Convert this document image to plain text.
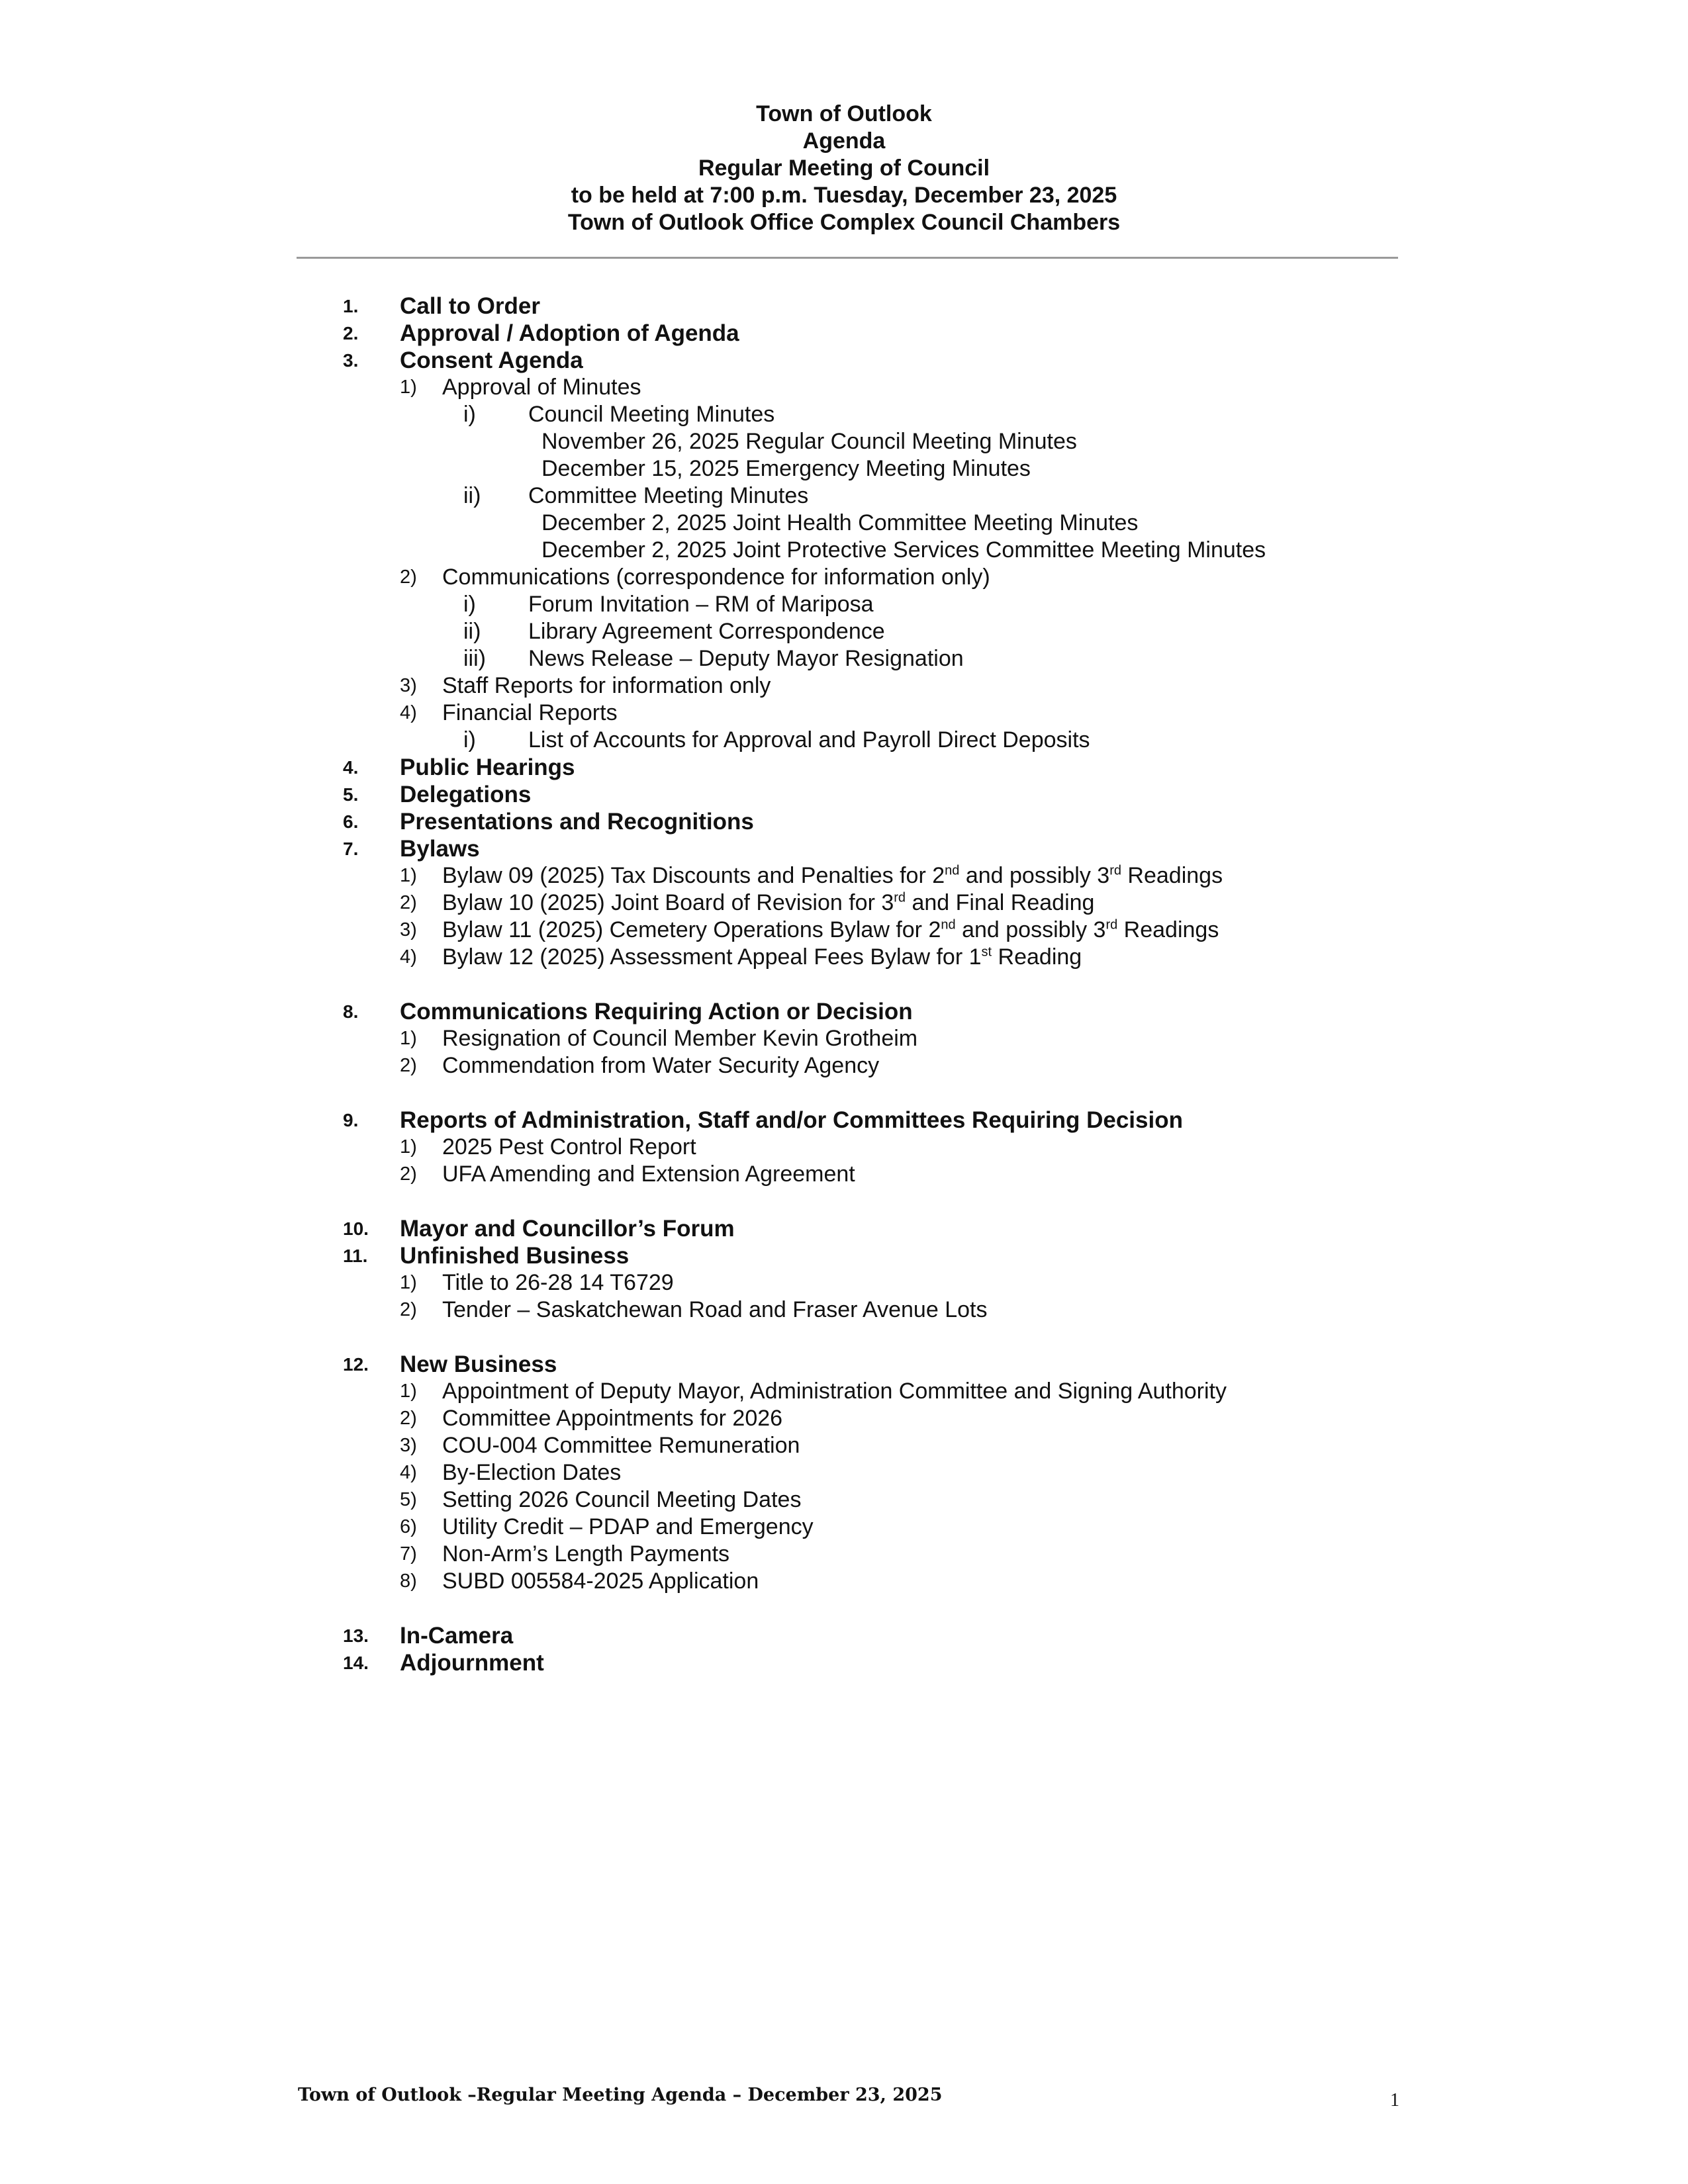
Town of Outlook
Agenda
Regular Meeting of Council
to be held at 7:00 p.m. Tuesday, December 23, 2025
Town of Outlook Office Complex Council Chambers
1. Call to Order
2. Approval / Adoption of Agenda
3. Consent Agenda
1) Approval of Minutes
i) Council Meeting Minutes
November 26, 2025 Regular Council Meeting Minutes
December 15, 2025 Emergency Meeting Minutes
ii) Committee Meeting Minutes
December 2, 2025 Joint Health Committee Meeting Minutes
December 2, 2025 Joint Protective Services Committee Meeting Minutes
2) Communications (correspondence for information only)
i) Forum Invitation – RM of Mariposa
ii) Library Agreement Correspondence
iii) News Release – Deputy Mayor Resignation
3) Staff Reports for information only
4) Financial Reports
i) List of Accounts for Approval and Payroll Direct Deposits
4. Public Hearings
5. Delegations
6. Presentations and Recognitions
7. Bylaws
1) Bylaw 09 (2025) Tax Discounts and Penalties for 2nd and possibly 3rd Readings
2) Bylaw 10 (2025) Joint Board of Revision for 3rd and Final Reading
3) Bylaw 11 (2025) Cemetery Operations Bylaw for 2nd and possibly 3rd Readings
4) Bylaw 12 (2025) Assessment Appeal Fees Bylaw for 1st Reading
8. Communications Requiring Action or Decision
1) Resignation of Council Member Kevin Grotheim
2) Commendation from Water Security Agency
9. Reports of Administration, Staff and/or Committees Requiring Decision
1) 2025 Pest Control Report
2) UFA Amending and Extension Agreement
10. Mayor and Councillor’s Forum
11. Unfinished Business
1) Title to 26-28 14 T6729
2) Tender – Saskatchewan Road and Fraser Avenue Lots
12. New Business
1) Appointment of Deputy Mayor, Administration Committee and Signing Authority
2) Committee Appointments for 2026
3) COU-004 Committee Remuneration
4) By-Election Dates
5) Setting 2026 Council Meeting Dates
6) Utility Credit – PDAP and Emergency
7) Non-Arm’s Length Payments
8) SUBD 005584-2025 Application
13. In-Camera
14. Adjournment
Town of Outlook –Regular Meeting Agenda – December 23, 2025	1
